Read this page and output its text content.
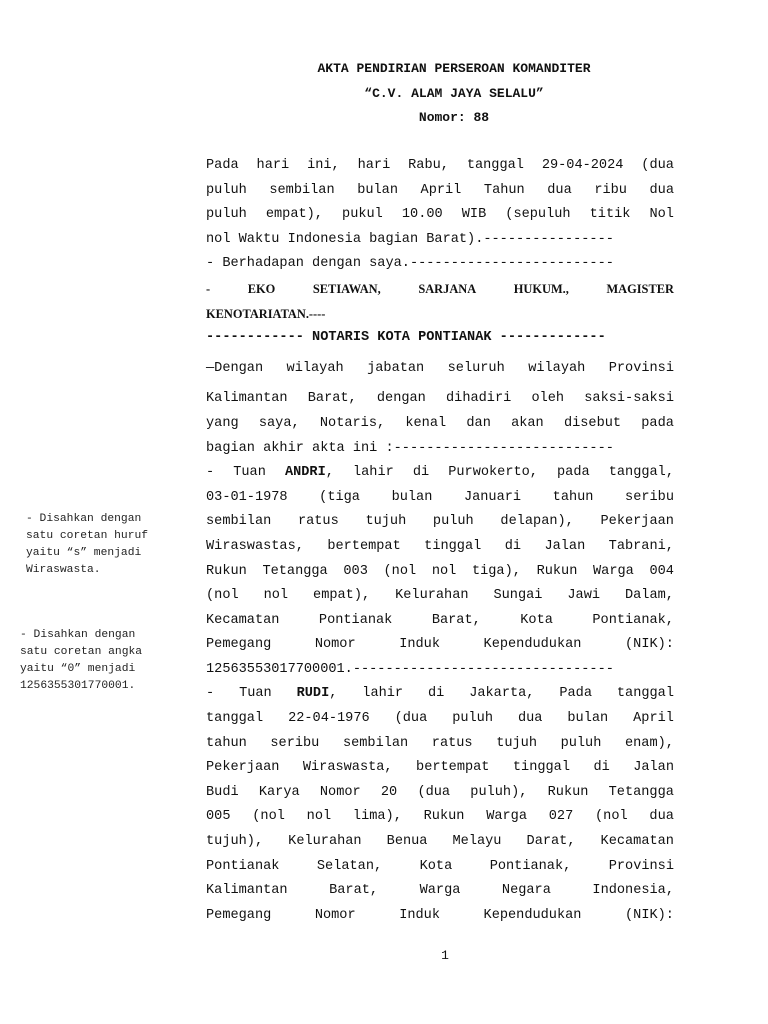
AKTA PENDIRIAN PERSEROAN KOMANDITER
“C.V. ALAM JAYA SELALU”
Nomor: 88
Pada hari ini, hari Rabu, tanggal 29-04-2024 (dua
puluh sembilan bulan April Tahun dua ribu dua
puluh empat), pukul 10.00 WIB (sepuluh titik Nol
nol Waktu Indonesia bagian Barat).----------------
- Berhadapan dengan saya.-------------------------
-	EKO	SETIAWAN,	SARJANA	HUKUM.,	MAGISTER
KENOTARIATAN.----
------------ NOTARIS KOTA PONTIANAK -------------
—Dengan wilayah jabatan seluruh wilayah Provinsi
Kalimantan Barat, dengan dihadiri oleh saksi-saksi
yang saya, Notaris, kenal dan akan disebut pada
bagian akhir akta ini :---------------------------
- Tuan ANDRI, lahir di Purwokerto, pada tanggal,
03-01-1978 (tiga bulan Januari tahun seribu
sembilan ratus tujuh puluh delapan), Pekerjaan
Wiraswastas, bertempat tinggal di Jalan Tabrani,
Rukun Tetangga 003 (nol nol tiga), Rukun Warga 004
(nol nol empat), Kelurahan Sungai Jawi Dalam,
Kecamatan	Pontianak	Barat,	Kota	Pontianak,
Pemegang	Nomor	Induk	Kependudukan	(NIK):
12563553017700001.--------------------------------
- Tuan RUDI, lahir di Jakarta, Pada tanggal
tanggal 22-04-1976 (dua puluh dua bulan April
tahun seribu sembilan ratus tujuh puluh enam),
Pekerjaan Wiraswasta, bertempat tinggal di Jalan
Budi Karya Nomor 20 (dua puluh), Rukun Tetangga
005 (nol nol lima), Rukun Warga 027 (nol dua
tujuh), Kelurahan Benua Melayu Darat, Kecamatan
Pontianak	Selatan,	Kota	Pontianak,	Provinsi
Kalimantan	Barat,	Warga	Negara	Indonesia,
Pemegang	Nomor	Induk	Kependudukan	(NIK):
- Disahkan dengan
satu coretan huruf
yaitu “s” menjadi
Wiraswasta.
- Disahkan dengan
satu coretan angka
yaitu “0” menjadi
1256355301770001.
1
